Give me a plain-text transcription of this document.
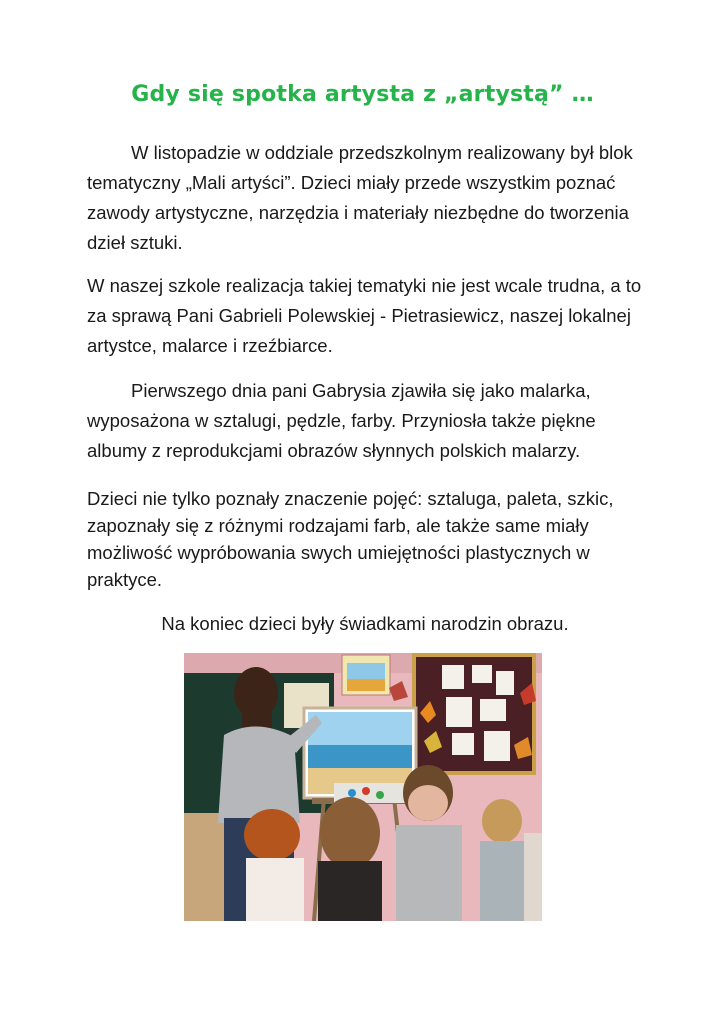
Gdy się spotka artysta z „artystą” …

W listopadzie w oddziale przedszkolnym realizowany był blok tematyczny „Mali artyści”. Dzieci miały przede wszystkim poznać zawody artystyczne, narzędzia i materiały niezbędne do tworzenia dzieł sztuki.

W naszej szkole realizacja takiej tematyki nie jest wcale trudna, a to za sprawą Pani Gabrieli Polewskiej - Pietrasiewicz, naszej lokalnej artystce, malarce i rzeźbiarce.

Pierwszego dnia pani Gabrysia zjawiła się jako malarka, wyposażona w sztalugi, pędzle, farby. Przyniosła także piękne albumy z reprodukcjami obrazów słynnych polskich malarzy.

Dzieci nie tylko poznały znaczenie pojęć: sztaluga, paleta, szkic, zapoznały się z różnymi rodzajami farb, ale także same miały możliwość wypróbowania swych umiejętności plastycznych w praktyce.

Na koniec dzieci były świadkami narodzin obrazu.
